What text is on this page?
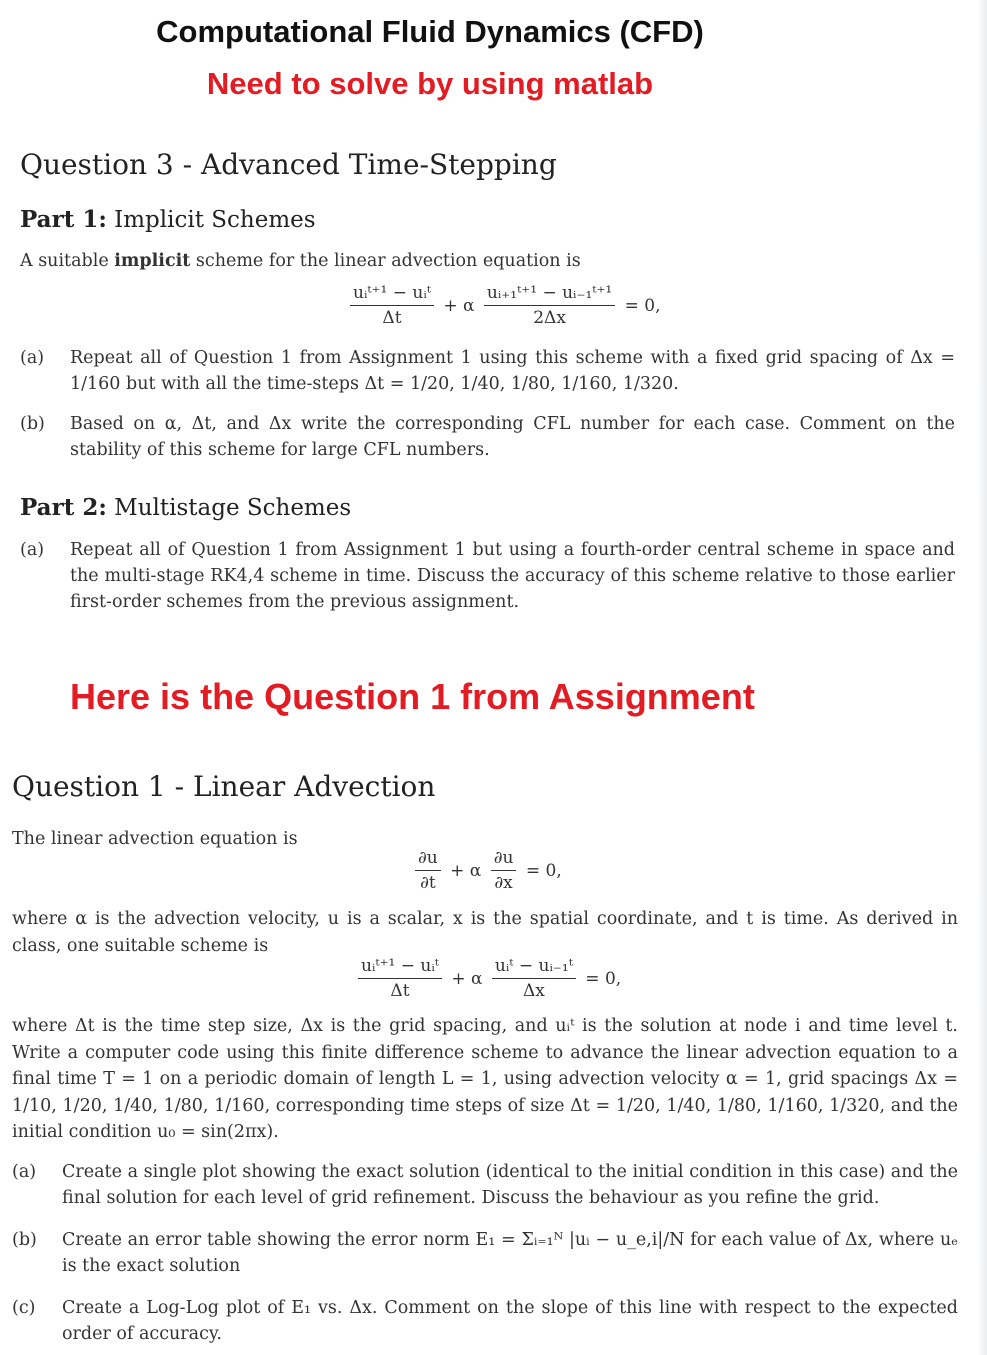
Computational Fluid Dynamics (CFD)
Need to solve by using matlab
Question 3 - Advanced Time-Stepping
Part 1: Implicit Schemes
A suitable implicit scheme for the linear advection equation is
$\frac{\text{uᵢᵗ⁺¹ − uᵢᵗ}}{\Delta t} + \alpha \frac{\text{uᵢ₊₁ᵗ⁺¹ − uᵢ₋₁ᵗ⁺¹}}{2\Delta x} = 0$,
(a) Repeat all of Question 1 from Assignment 1 using this scheme with a fixed grid spacing of Δx = 1/160 but with all the time-steps Δt = 1/20, 1/40, 1/80, 1/160, 1/320.
(b) Based on α, Δt, and Δx write the corresponding CFL number for each case. Comment on the stability of this scheme for large CFL numbers.
Part 2: Multistage Schemes
(a) Repeat all of Question 1 from Assignment 1 but using a fourth-order central scheme in space and the multi-stage RK4,4 scheme in time. Discuss the accuracy of this scheme relative to those earlier first-order schemes from the previous assignment.
Here is the Question 1 from Assignment
Question 1 - Linear Advection
The linear advection equation is
$\frac{\partial u}{\partial t} + \alpha \frac{\partial u}{\partial x} = 0$,
where α is the advection velocity, u is a scalar, x is the spatial coordinate, and t is time. As derived in class, one suitable scheme is
$\frac{\text{uᵢᵗ⁺¹ − uᵢᵗ}}{\Delta t} + \alpha \frac{\text{uᵢᵗ − uᵢ₋₁ᵗ}}{\Delta x} = 0$,
where Δt is the time step size, Δx is the grid spacing, and uᵢᵗ is the solution at node i and time level t. Write a computer code using this finite difference scheme to advance the linear advection equation to a final time T = 1 on a periodic domain of length L = 1, using advection velocity α = 1, grid spacings Δx = 1/10, 1/20, 1/40, 1/80, 1/160, corresponding time steps of size Δt = 1/20, 1/40, 1/80, 1/160, 1/320, and the initial condition u₀ = sin(2πx).
(a) Create a single plot showing the exact solution (identical to the initial condition in this case) and the final solution for each level of grid refinement. Discuss the behaviour as you refine the grid.
(b) Create an error table showing the error norm E₁ = Σᵢ₌₁ᴺ |uᵢ − u_e,i|/N for each value of Δx, where uₑ is the exact solution
(c) Create a Log-Log plot of E₁ vs. Δx. Comment on the slope of this line with respect to the expected order of accuracy.
